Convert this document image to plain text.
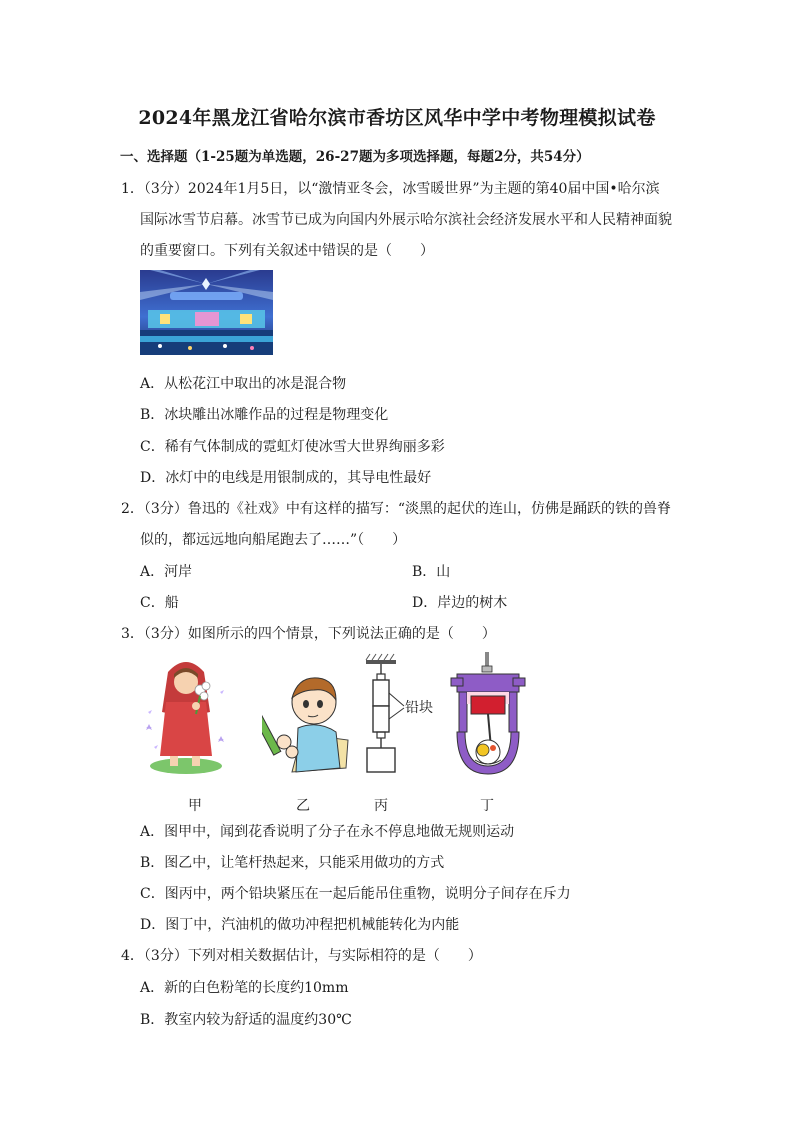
2024年黑龙江省哈尔滨市香坊区风华中学中考物理模拟试卷
一、选择题（1-25题为单选题，26-27题为多项选择题，每题2分，共54分）
1．（3分）2024年1月5日，以“激情亚冬会，冰雪暖世界”为主题的第40届中国•哈尔滨
国际冰雪节启幕。冰雪节已成为向国内外展示哈尔滨社会经济发展水平和人民精神面貌
的重要窗口。下列有关叙述中错误的是（　　）
A．从松花江中取出的冰是混合物
B．冰块雕出冰雕作品的过程是物理变化
C．稀有气体制成的霓虹灯使冰雪大世界绚丽多彩
D．冰灯中的电线是用银制成的，其导电性最好
2．（3分）鲁迅的《社戏》中有这样的描写：“淡黑的起伏的连山，仿佛是踊跃的铁的兽脊
似的，都远远地向船尾跑去了……”（　　）
A．河岸	B．山
C．船	D．岸边的树木
3．（3分）如图所示的四个情景，下列说法正确的是（　　）
铅块
甲	乙	丙	丁
A．图甲中，闻到花香说明了分子在永不停息地做无规则运动
B．图乙中，让笔杆热起来，只能采用做功的方式
C．图丙中，两个铅块紧压在一起后能吊住重物，说明分子间存在斥力
D．图丁中，汽油机的做功冲程把机械能转化为内能
4．（3分）下列对相关数据估计，与实际相符的是（　　）
A．新的白色粉笔的长度约10mm
B．教室内较为舒适的温度约30℃
